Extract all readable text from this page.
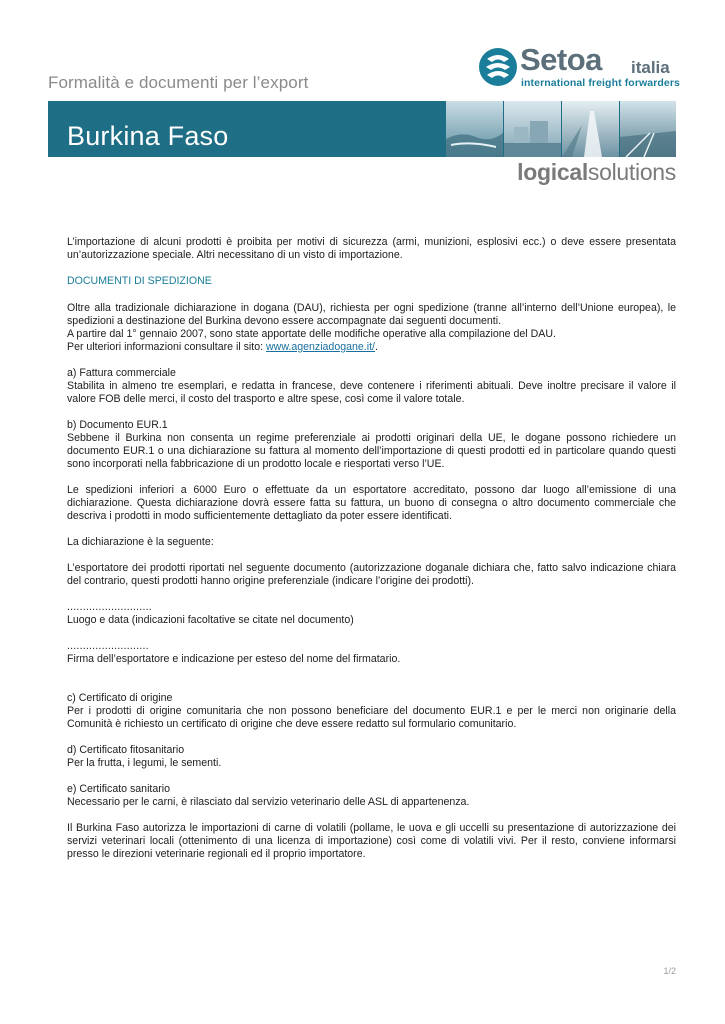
Formalità e documenti per l’export
Setoa italia
international freight forwarders
Burkina Faso
logicalsolutions

L’importazione di alcuni prodotti è proibita per motivi di sicurezza (armi, munizioni, esplosivi ecc.) o deve essere presentata un’autorizzazione speciale. Altri necessitano di un visto di importazione.

DOCUMENTI DI SPEDIZIONE

Oltre alla tradizionale dichiarazione in dogana (DAU), richiesta per ogni spedizione (tranne all’interno dell’Unione europea), le spedizioni a destinazione del Burkina devono essere accompagnate dai seguenti documenti.
A partire dal 1° gennaio 2007, sono state apportate delle modifiche operative alla compilazione del DAU.
Per ulteriori informazioni consultare il sito: www.agenziadogane.it/.

a) Fattura commerciale
Stabilita in almeno tre esemplari, e redatta in francese, deve contenere i riferimenti abituali. Deve inoltre precisare il valore il valore FOB delle merci, il costo del trasporto e altre spese, così come il valore totale.

b) Documento EUR.1
Sebbene il Burkina non consenta un regime preferenziale ai prodotti originari della UE, le dogane possono richiedere un documento EUR.1 o una dichiarazione su fattura al momento dell’importazione di questi prodotti ed in particolare quando questi sono incorporati nella fabbricazione di un prodotto locale e riesportati verso l’UE.

Le spedizioni inferiori a 6000 Euro o effettuate da un esportatore accreditato, possono dar luogo all’emissione di una dichiarazione. Questa dichiarazione dovrà essere fatta su fattura, un buono di consegna o altro documento commerciale che descriva i prodotti in modo sufficientemente dettagliato da poter essere identificati.

La dichiarazione è la seguente:

L’esportatore dei prodotti riportati nel seguente documento (autorizzazione doganale dichiara che, fatto salvo indicazione chiara del contrario, questi prodotti hanno origine preferenziale (indicare l’origine dei prodotti).

...........................
Luogo e data (indicazioni facoltative se citate nel documento)

..........................
Firma dell’esportatore e indicazione per esteso del nome del firmatario.

c) Certificato di origine
Per i prodotti di origine comunitaria che non possono beneficiare del documento EUR.1 e per le merci non originarie della Comunità è richiesto un certificato di origine che deve essere redatto sul formulario comunitario.

d) Certificato fitosanitario
Per la frutta, i legumi, le sementi.

e) Certificato sanitario
Necessario per le carni, è rilasciato dal servizio veterinario delle ASL di appartenenza.

Il Burkina Faso autorizza le importazioni di carne di volatili (pollame, le uova e gli uccelli su presentazione di autorizzazione dei servizi veterinari locali (ottenimento di una licenza di importazione) così come di volatili vivi. Per il resto, conviene informarsi presso le direzioni veterinarie regionali ed il proprio importatore.

1/2
